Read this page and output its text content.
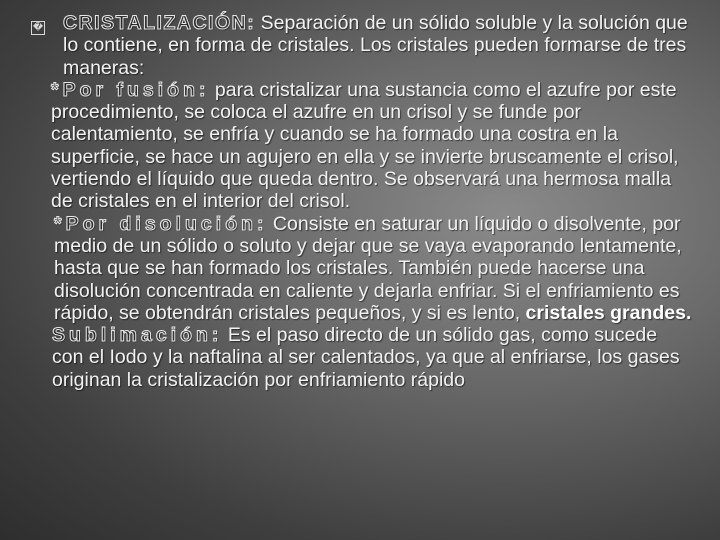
� CRISTALIZACIÓN: Separación de un sólido soluble y la solución que lo contiene, en forma de cristales. Los cristales pueden formarse de tres maneras:

*Por fusión: para cristalizar una sustancia como el azufre por este procedimiento, se coloca el azufre en un crisol y se funde por calentamiento, se enfría y cuando se ha formado una costra en la superficie, se hace un agujero en ella y se invierte bruscamente el crisol, vertiendo el líquido que queda dentro. Se observará una hermosa malla de cristales en el interior del crisol.

*Por disolución: Consiste en saturar un líquido o disolvente, por medio de un sólido o soluto y dejar que se vaya evaporando lentamente, hasta que se han formado los cristales. También puede hacerse una disolución concentrada en caliente y dejarla enfriar. Si el enfriamiento es rápido, se obtendrán cristales pequeños, y si es lento, cristales grandes.

Sublimación: Es el paso directo de un sólido gas, como sucede con el Iodo y la naftalina al ser calentados, ya que al enfriarse, los gases originan la cristalización por enfriamiento rápido
